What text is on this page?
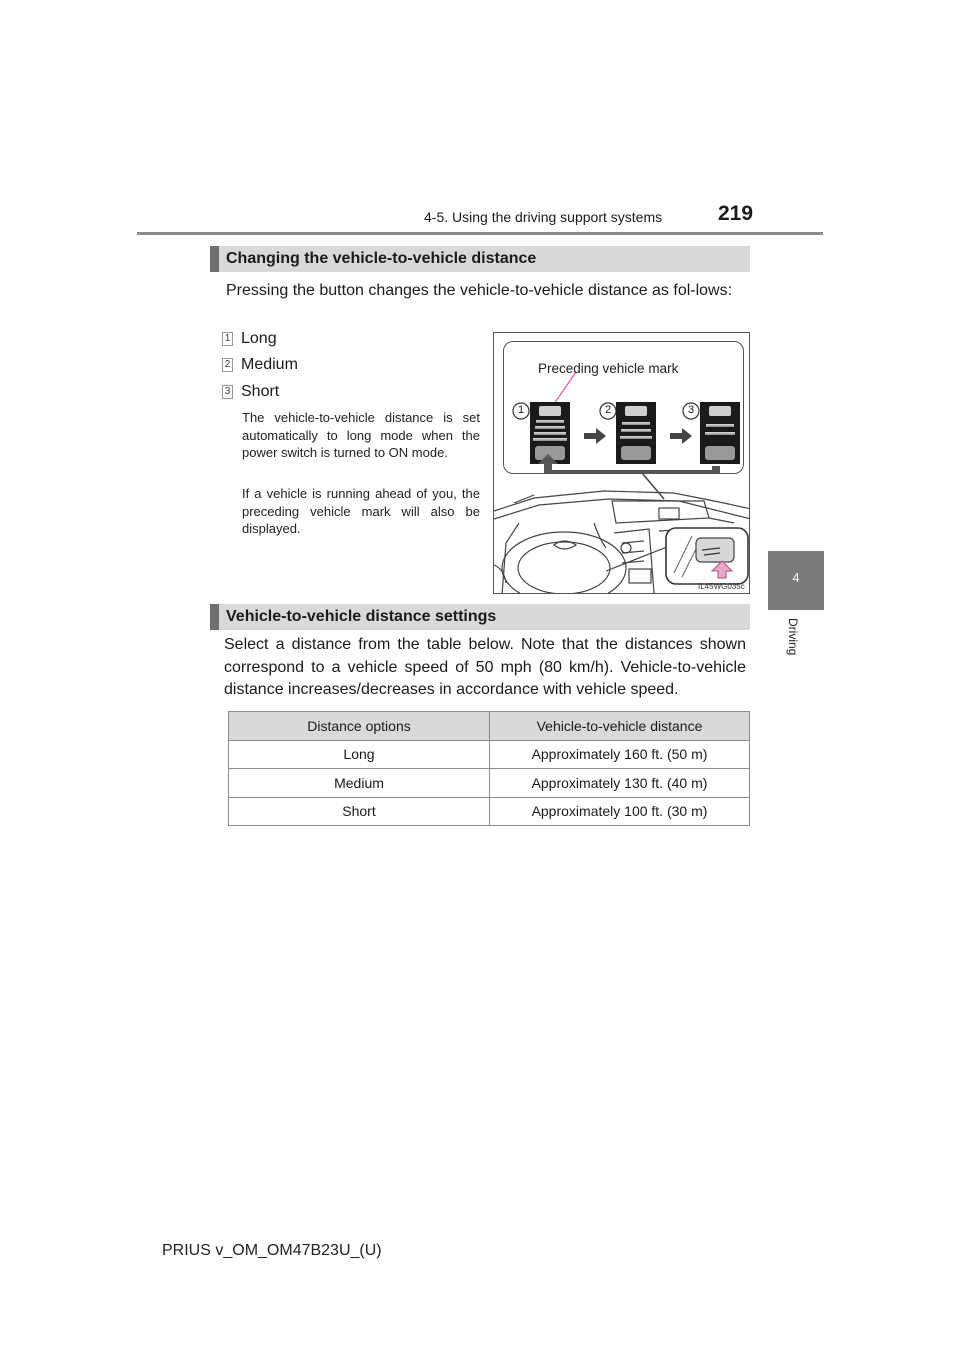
4-5. Using the driving support systems	219
4
Driving
Changing the vehicle-to-vehicle distance
Pressing the button changes the vehicle-to-vehicle distance as fol-lows:
1 Long
2 Medium
3 Short
The vehicle-to-vehicle distance is set automatically to long mode when the power switch is turned to ON mode.
If a vehicle is running ahead of you, the preceding vehicle mark will also be displayed.
1	2	3
Preceding vehicle mark
IL45WG035c
Vehicle-to-vehicle distance settings
Select a distance from the table below. Note that the distances shown correspond to a vehicle speed of 50 mph (80 km/h). Vehicle-to-vehicle distance increases/decreases in accordance with vehicle speed.
Distance options	Vehicle-to-vehicle distance
Long	Approximately 160 ft. (50 m)
Medium	Approximately 130 ft. (40 m)
Short	Approximately 100 ft. (30 m)
PRIUS v_OM_OM47B23U_(U)
